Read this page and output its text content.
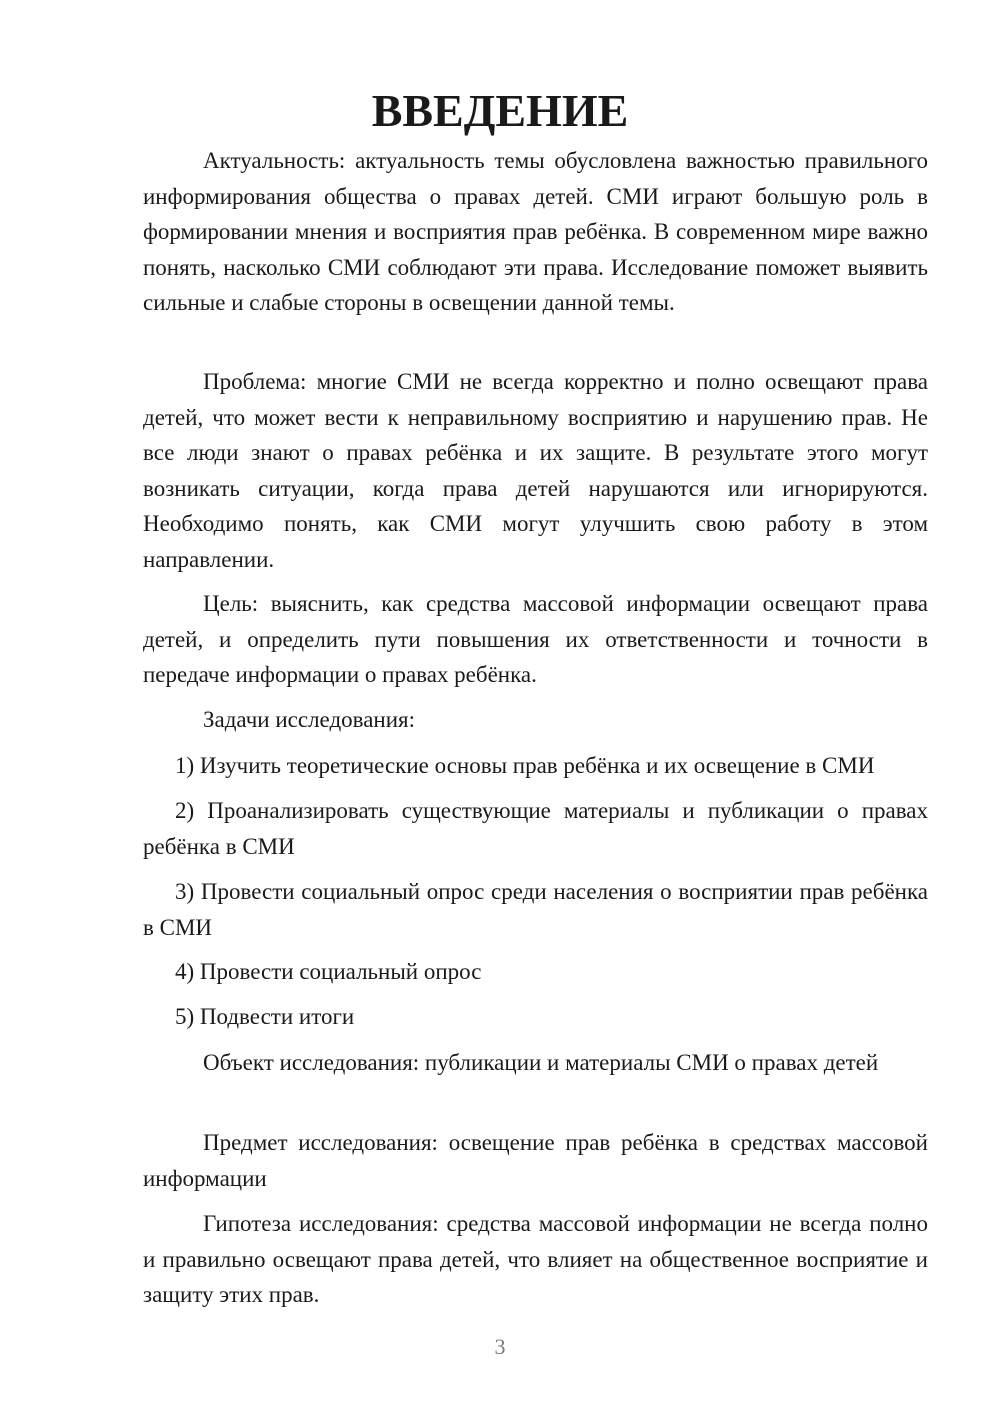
ВВЕДЕНИЕ

Актуальность: актуальность темы обусловлена важностью правильного информирования общества о правах детей. СМИ играют большую роль в формировании мнения и восприятия прав ребёнка. В современном мире важно понять, насколько СМИ соблюдают эти права. Исследование поможет выявить сильные и слабые стороны в освещении данной темы.

Проблема: многие СМИ не всегда корректно и полно освещают права детей, что может вести к неправильному восприятию и нарушению прав. Не все люди знают о правах ребёнка и их защите. В результате этого могут возникать ситуации, когда права детей нарушаются или игнорируются. Необходимо понять, как СМИ могут улучшить свою работу в этом направлении.

Цель: выяснить, как средства массовой информации освещают права детей, и определить пути повышения их ответственности и точности в передаче информации о правах ребёнка.

Задачи исследования:

1) Изучить теоретические основы прав ребёнка и их освещение в СМИ

2) Проанализировать существующие материалы и публикации о правах ребёнка в СМИ

3) Провести социальный опрос среди населения о восприятии прав ребёнка в СМИ

4) Провести социальный опрос

5) Подвести итоги

Объект исследования: публикации и материалы СМИ о правах детей

Предмет исследования: освещение прав ребёнка в средствах массовой информации

Гипотеза исследования: средства массовой информации не всегда полно и правильно освещают права детей, что влияет на общественное восприятие и защиту этих прав.

3
